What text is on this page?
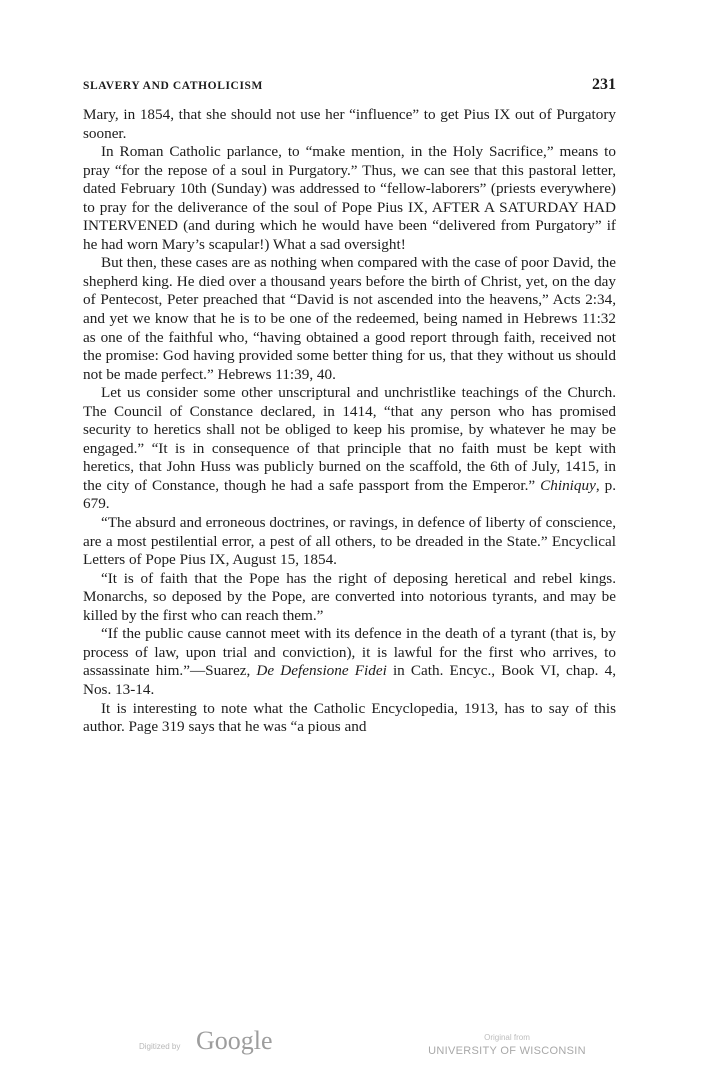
SLAVERY AND CATHOLICISM	231

Mary, in 1854, that she should not use her “influence” to get Pius IX out of Purgatory sooner.

In Roman Catholic parlance, to “make mention, in the Holy Sacrifice,” means to pray “for the repose of a soul in Purgatory.” Thus, we can see that this pastoral letter, dated February 10th (Sunday) was addressed to “fellow-laborers” (priests everywhere) to pray for the deliverance of the soul of Pope Pius IX, AFTER A SATURDAY HAD INTERVENED (and during which he would have been “delivered from Purgatory” if he had worn Mary’s scapular!) What a sad oversight!

But then, these cases are as nothing when compared with the case of poor David, the shepherd king. He died over a thousand years before the birth of Christ, yet, on the day of Pentecost, Peter preached that “David is not ascended into the heavens,” Acts 2:34, and yet we know that he is to be one of the redeemed, being named in Hebrews 11:32 as one of the faithful who, “having obtained a good report through faith, received not the promise: God having provided some better thing for us, that they without us should not be made perfect.” Hebrews 11:39, 40.

Let us consider some other unscriptural and unchristlike teachings of the Church. The Council of Constance declared, in 1414, “that any person who has promised security to heretics shall not be obliged to keep his promise, by whatever he may be engaged.” “It is in consequence of that principle that no faith must be kept with heretics, that John Huss was publicly burned on the scaffold, the 6th of July, 1415, in the city of Constance, though he had a safe passport from the Emperor.” Chiniquy, p. 679.

“The absurd and erroneous doctrines, or ravings, in defence of liberty of conscience, are a most pestilential error, a pest of all others, to be dreaded in the State.” Encyclical Letters of Pope Pius IX, August 15, 1854.

“It is of faith that the Pope has the right of deposing heretical and rebel kings. Monarchs, so deposed by the Pope, are converted into notorious tyrants, and may be killed by the first who can reach them.”

“If the public cause cannot meet with its defence in the death of a tyrant (that is, by process of law, upon trial and conviction), it is lawful for the first who arrives, to assassinate him.”—Suarez, De Defensione Fidei in Cath. Encyc., Book VI, chap. 4, Nos. 13-14.

It is interesting to note what the Catholic Encyclopedia, 1913, has to say of this author. Page 319 says that he was “a pious and

Digitized by Google	Original from
UNIVERSITY OF WISCONSIN
